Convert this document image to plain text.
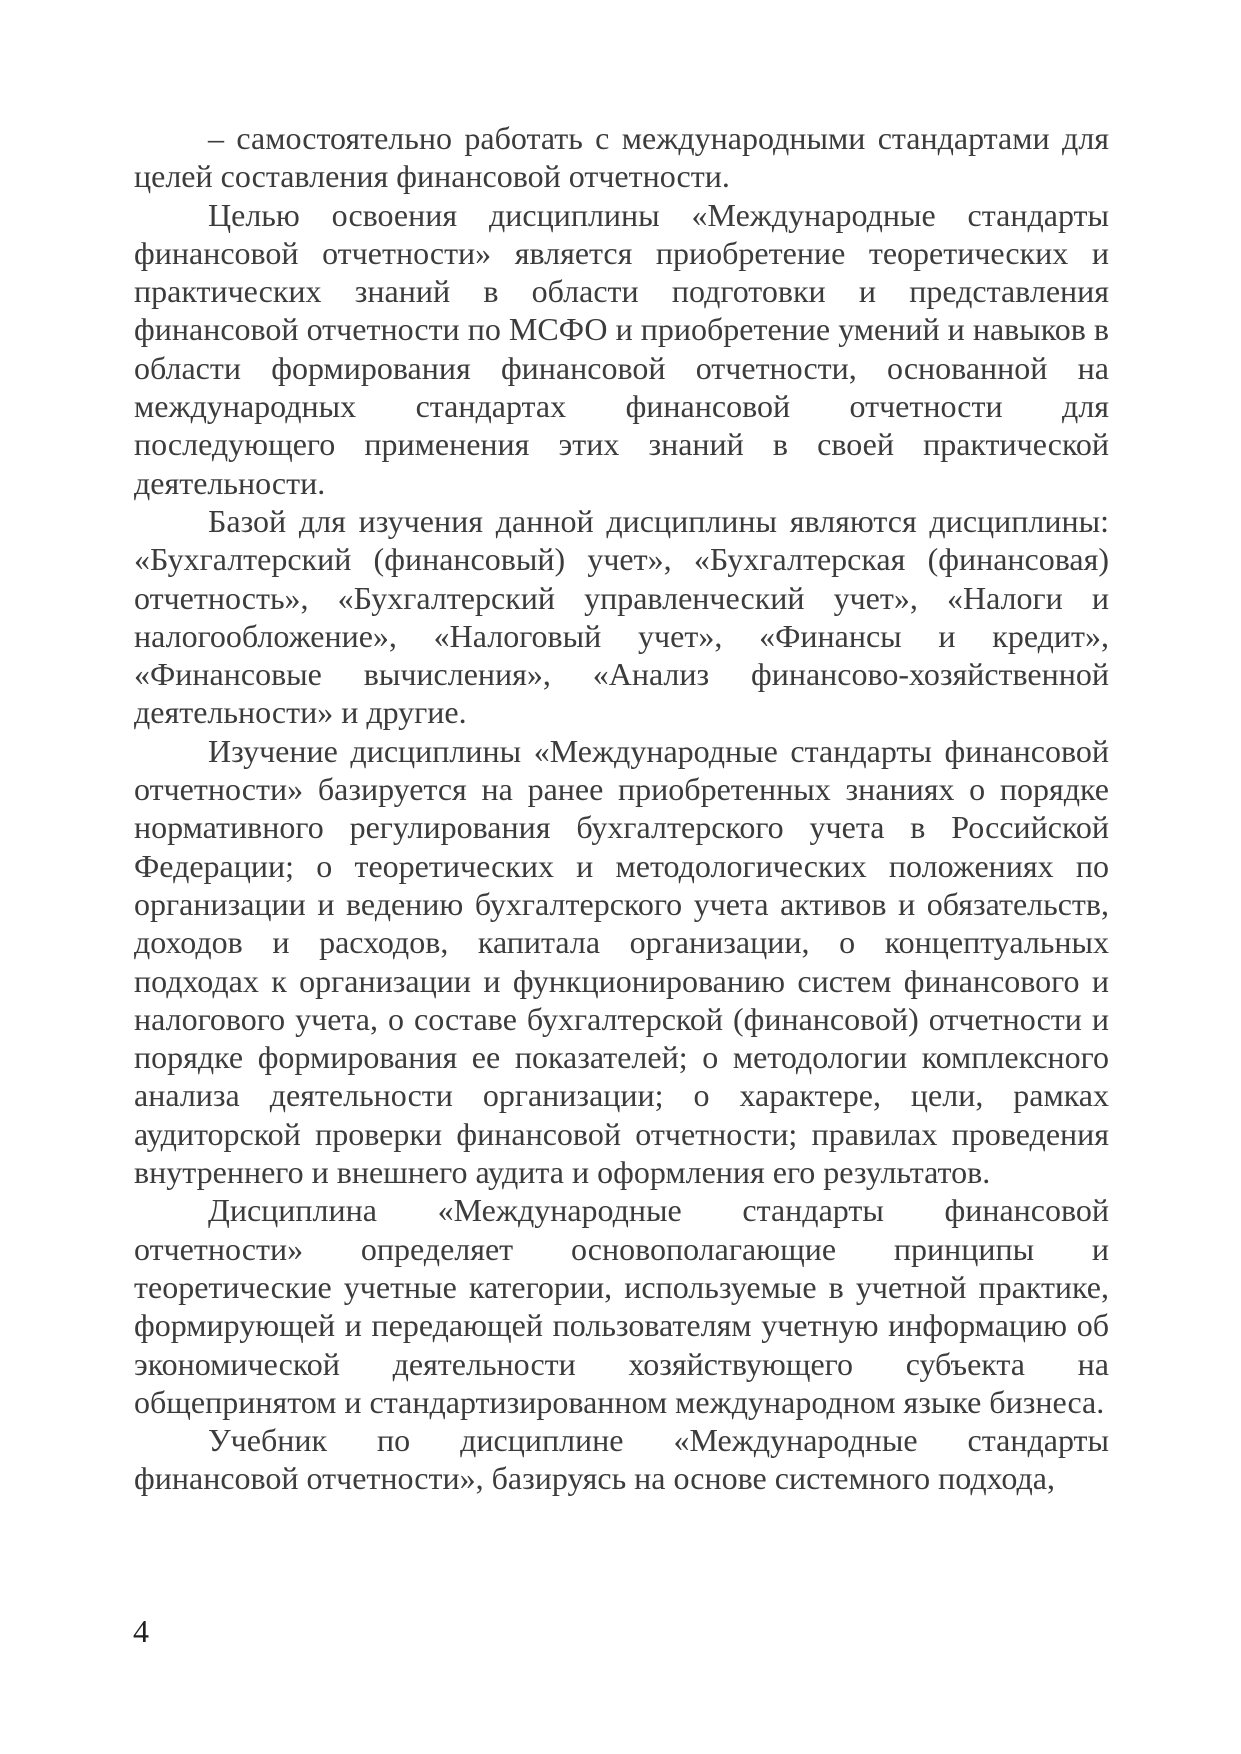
– самостоятельно работать с международными стандартами для целей составления финансовой отчетности.

Целью освоения дисциплины «Международные стандарты финансовой отчетности» является приобретение теоретических и практических знаний в области подготовки и представления финансовой отчетности по МСФО и приобретение умений и навыков в области формирования финансовой отчетности, основанной на международных стандартах финансовой отчетности для последующего применения этих знаний в своей практической деятельности.

Базой для изучения данной дисциплины являются дисциплины: «Бухгалтерский (финансовый) учет», «Бухгалтерская (финансовая) отчетность», «Бухгалтерский управленческий учет», «Налоги и налогообложение», «Налоговый учет», «Финансы и кредит», «Финансовые вычисления», «Анализ финансово-хозяйственной деятельности» и другие.

Изучение дисциплины «Международные стандарты финансовой отчетности» базируется на ранее приобретенных знаниях о порядке нормативного регулирования бухгалтерского учета в Российской Федерации; о теоретических и методологических положениях по организации и ведению бухгалтерского учета активов и обязательств, доходов и расходов, капитала организации, о концептуальных подходах к организации и функционированию систем финансового и налогового учета, о составе бухгалтерской (финансовой) отчетности и порядке формирования ее показателей; о методологии комплексного анализа деятельности организации; о характере, цели, рамках аудиторской проверки финансовой отчетности; правилах проведения внутреннего и внешнего аудита и оформления его результатов.

Дисциплина «Международные стандарты финансовой отчетности» определяет основополагающие принципы и теоретические учетные категории, используемые в учетной практике, формирующей и передающей пользователям учетную информацию об экономической деятельности хозяйствующего субъекта на общепринятом и стандартизированном международном языке бизнеса.

Учебник по дисциплине «Международные стандарты финансовой отчетности», базируясь на основе системного подхода,

4
